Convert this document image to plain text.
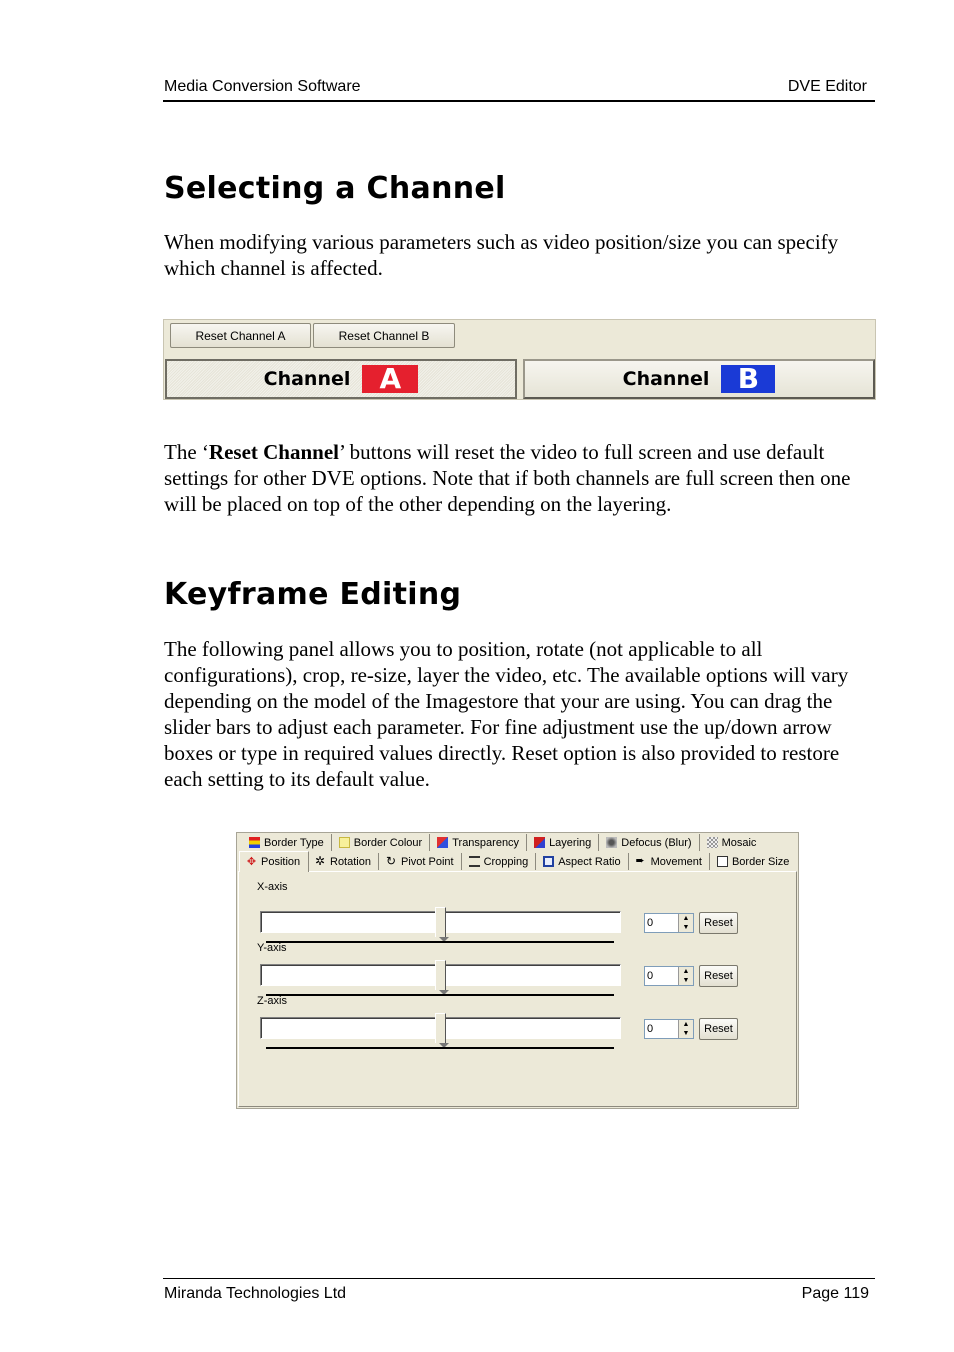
Media Conversion Software	DVE Editor
Selecting a Channel

When modifying various parameters such as video position/size you can specify which channel is affected.

Reset Channel A	Reset Channel B
Channel	A	Channel	B

The ‘Reset Channel’ buttons will reset the video to full screen and use default settings for other DVE options. Note that if both channels are full screen then one will be placed on top of the other depending on the layering.

Keyframe Editing

The following panel allows you to position, rotate (not applicable to all configurations), crop, re-size, layer the video, etc. The available options will vary depending on the model of the Imagestore that your are using. You can drag the slider bars to adjust each parameter. For fine adjustment use the up/down arrow boxes or type in required values directly. Reset option is also provided to restore each setting to its default value.

Border Type	Border Colour	Transparency	Layering	Defocus (Blur)	Mosaic
✥ Position ✲ Rotation ↻ Pivot Point	Cropping	Aspect Ratio ➨ Movement	Border Size
X-axis
0	▲
▼	Reset
Y-axis
0	▲
▼	Reset
Z-axis
0	▲
▼	Reset
Miranda Technologies Ltd	Page 119
